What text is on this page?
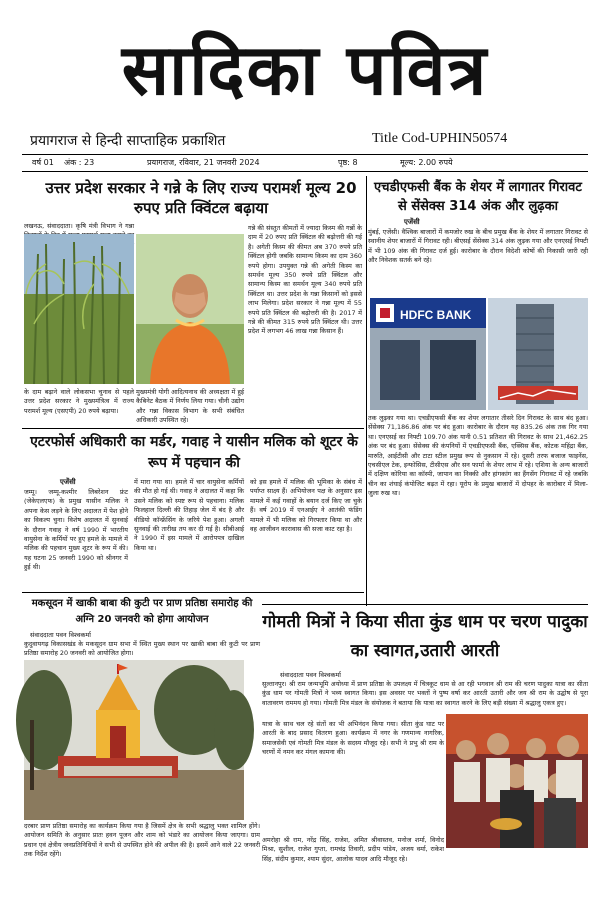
सादिका पवित्र
प्रयागराज से हिन्दी साप्ताहिक प्रकाशित	Title Cod-UPHIN50574
वर्ष 01 अंक : 23	प्रयागराज, रविवार, 21 जनवरी 2024	पृष्ठ: 8	मूल्य: 2.00 रुपये
उत्तर प्रदेश सरकार ने गन्ने के लिए राज्य परामर्श मूल्य 20 रुपए प्रति क्विंटल बढ़ाया
लखनऊ, संवाददाता। कृषि मंत्री विभाग ने गन्ना	गन्ने की संस्तुत कीमतों में ज्यादा किस्म की गन्नों के दाम में 20 रुपए प्रति क्विंटल की बढ़ोत्तरी की गई है। अगेती किस्म की कीमत अब 370 रुपये प्रति क्विंटल होगी जबकि सामान्य किस्म का दाम 360 रुपये होगा। उपयुक्त गन्ने की अगेती किस्म का समर्थन मूल्य 350 रुपये प्रति क्विंटल और सामान्य किस्म का समर्थन मूल्य 340 रुपये प्रति क्विंटल था। उत्तर प्रदेश के गन्ना किसानों को इससे लाभ मिलेगा। प्रदेश सरकार ने गन्ना मूल्य में 55 रुपये प्रति क्विंटल की बढ़ोत्तरी की है। 2017 में गन्ने की कीमत 315 रुपये प्रति क्विंटल थी। उत्तर प्रदेश में लगभग 46 लाख गन्ना किसान हैं।
के दाम बढ़ाने वाले लोकसभा चुनाव से पहले उत्तर प्रदेश सरकार ने मुख्यमंत्रित्व में राज्य परामर्श मूल्य (एसएपी) 20 रुपये बढ़ाया।
मुख्यमंत्री योगी आदित्यनाथ की अध्यक्षता में हुई कैबिनेट बैठक में निर्णय लिया गया। चीनी उद्योग और गन्ना विकास विभाग के सभी संबंधित अधिकारी उपस्थित रहे।
एटरफोर्स अधिकारी का मर्डर, गवाह ने यासीन मलिक को शूटर के रूप में पहचान की
एजेंसी
जम्मू। जम्मू-कश्मीर लिबरेशन फ्रंट (जेकेएलएफ) के प्रमुख यासीन मलिक ने अपना केस लड़ने के लिए अदालत में पेश होने का विकल्प चुना। विशेष अदालत में सुनवाई के दौरान गवाह ने वर्ष 1990 में भारतीय वायुसेना के कर्मियों पर हुए हमले के मामले में मलिक की पहचान मुख्य शूटर के रूप में की। यह घटना 25 जनवरी 1990 को श्रीनगर में हुई थी।
में मारा गया था। हमले में चार वायुसेना कर्मियों की मौत हो गई थी। गवाह ने अदालत में कहा कि उसने मलिक को स्पष्ट रूप से पहचाना। मलिक फिलहाल दिल्ली की तिहाड़ जेल में बंद है और वीडियो कॉन्फ्रेंसिंग के जरिये पेश हुआ। अगली सुनवाई की तारीख तय कर दी गई है। सीबीआई ने 1990 में इस मामले में आरोपपत्र दाखिल किया था।
को इस हमले में मलिक की भूमिका के संबंध में पर्याप्त साक्ष्य हैं। अभियोजन पक्ष के अनुसार इस मामले में कई गवाहों के बयान दर्ज किए जा चुके हैं। वर्ष 2019 में एनआईए ने आतंकी फंडिंग मामले में भी मलिक को गिरफ्तार किया था और वह आजीवन कारावास की सजा काट रहा है।
मकसूदन में खाकी बाबा की कुटी पर प्राण प्रतिष्ठा समारोह की अग्नि 20 जनवरी को होगा आयोजन
संवाददाता पवन विश्वकर्मा
कुदुवायगढ़ विकासखंड के मकसूदन ग्राम सभा में स्थित मुख्य स्थान पर खाकी बाबा की कुटी पर प्राण प्रतिष्ठा समारोह 20 जनवरी को आयोजित होगा।
दरबार प्राण प्रतिष्ठा समारोह का कार्यक्रम किया गया है जिसमें क्षेत्र के सभी श्रद्धालु भक्त शामिल होंगे। आयोजन समिति के अनुसार प्रातः हवन पूजन और शाम को भंडारे का आयोजन किया जाएगा। ग्राम प्रधान एवं क्षेत्रीय जनप्रतिनिधियों ने सभी से उपस्थित होने की अपील की है। इसमें आने वाले 22 जनवरी तक निर्देश रहेंगे।
एचडीएफसी बैंक के शेयर में लागातर गिरावट से सेंसेक्स 314 अंक और लुढ़का
एजेंसी
मुंबई, एजेंसी। वैश्विक बाजारों में कमजोर रुख के बीच प्रमुख बैंक के शेयर में लगातार गिरावट से स्थानीय शेयर बाजारों में गिरावट रही। बीएसई सेंसेक्स 314 अंक लुढ़क गया और एनएसई निफ्टी में भी 109 अंक की गिरावट दर्ज हुई। कारोबार के दौरान विदेशी कोषों की निकासी जारी रही और निवेशक सतर्क बने रहे।
HDFC BANK
तक लुढ़का गया था। एचडीएफसी बैंक का शेयर लगातार तीसरे दिन गिरावट के साथ बंद हुआ। सेंसेक्स 71,186.86 अंक पर बंद हुआ। कारोबार के दौरान यह 835.26 अंक तक गिर गया था। एनएसई का निफ्टी 109.70 अंक यानी 0.51 प्रतिशत की गिरावट के साथ 21,462.25 अंक पर बंद हुआ। सेंसेक्स की कंपनियों में एचडीएफसी बैंक, एक्सिस बैंक, कोटक महिंद्रा बैंक, मारुति, आईटीसी और टाटा स्टील प्रमुख रूप से नुकसान में रहे। दूसरी तरफ बजाज फाइनेंस, एचसीएल टेक, इन्फोसिस, टीसीएस और सन फार्मा के शेयर लाभ में रहे। एशिया के अन्य बाजारों में दक्षिण कोरिया का कॉस्पी, जापान का निक्की और हांगकांग का हैंगसेंग गिरावट में रहे जबकि चीन का शंघाई कंपोजिट बढ़त में रहा। यूरोप के प्रमुख बाजारों में दोपहर के कारोबार में मिला-जुला रुख था।
गोमती मित्रों ने किया सीता कुंड धाम पर चरण पादुका का स्वागत,उतारी आरती
संवाददाता पवन विश्वकर्मा
सुल्तानपुर। श्री राम जन्मभूमि अयोध्या में प्राण प्रतिष्ठा के उपलक्ष्य में चित्रकूट धाम से आ रही भगवान श्री राम की चरण पादुका यात्रा का सीता कुंड धाम पर गोमती मित्रों ने भव्य स्वागत किया। इस अवसर पर भक्तों ने पुष्प वर्षा कर आरती उतारी और जय श्री राम के उद्घोष से पूरा वातावरण राममय हो गया। गोमती मित्र मंडल के संयोजक ने बताया कि यात्रा का स्वागत करने के लिए बड़ी संख्या में श्रद्धालु एकत्र हुए।
यात्रा के साथ चल रहे संतों का भी अभिनंदन किया गया। सीता कुंड घाट पर आरती के बाद प्रसाद वितरण हुआ। कार्यक्रम में नगर के गणमान्य नागरिक, समाजसेवी एवं गोमती मित्र मंडल के सदस्य मौजूद रहे। सभी ने प्रभु श्री राम के चरणों में नमन कर मंगल कामना की।
अमरोहा श्री राम, नरेंद्र सिंह, राजेश, अमित श्रीवास्तव, मनोज शर्मा, विनोद मिश्रा, सुशील, राजेश गुप्ता, रामचंद्र तिवारी, प्रदीप पांडेय, अजय वर्मा, राकेश सिंह, संदीप कुमार, श्याम सुंदर, आलोक यादव आदि मौजूद रहे।
